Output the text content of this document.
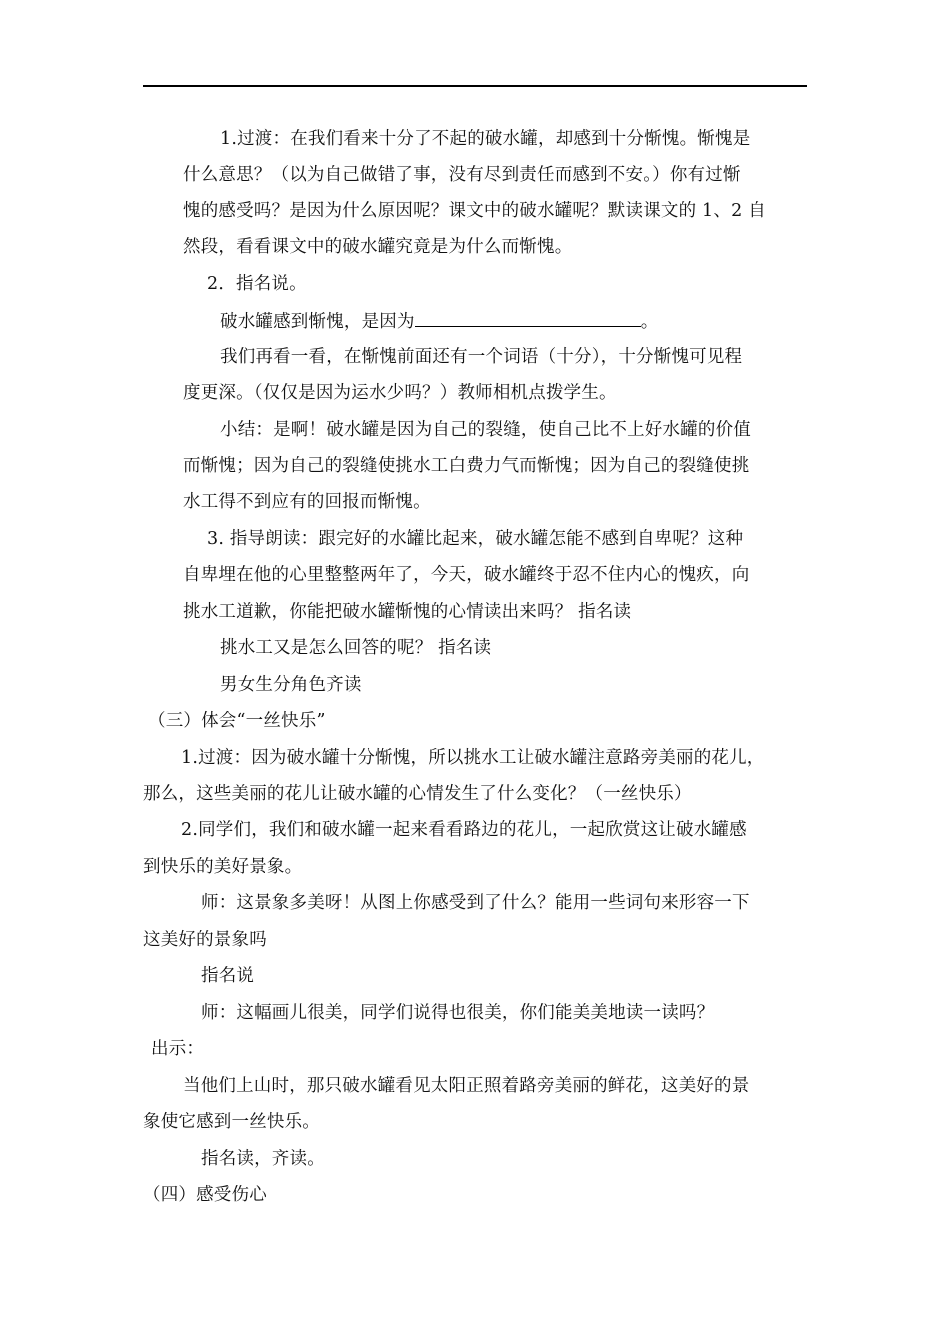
1.过渡：在我们看来十分了不起的破水罐，却感到十分惭愧。惭愧是
什么意思？（以为自己做错了事，没有尽到责任而感到不安。）你有过惭
愧的感受吗？是因为什么原因呢？课文中的破水罐呢？默读课文的 1、2 自
然段，看看课文中的破水罐究竟是为什么而惭愧。
2．指名说。
破水罐感到惭愧，是因为	。
我们再看一看，在惭愧前面还有一个词语（十分），十分惭愧可见程
度更深。（仅仅是因为运水少吗？）教师相机点拨学生。
小结：是啊！破水罐是因为自己的裂缝，使自己比不上好水罐的价值
而惭愧；因为自己的裂缝使挑水工白费力气而惭愧；因为自己的裂缝使挑
水工得不到应有的回报而惭愧。
3. 指导朗读：跟完好的水罐比起来，破水罐怎能不感到自卑呢？这种
自卑埋在他的心里整整两年了，今天，破水罐终于忍不住内心的愧疚，向
挑水工道歉，你能把破水罐惭愧的心情读出来吗？ 指名读
挑水工又是怎么回答的呢？ 指名读
男女生分角色齐读
（三）体会“一丝快乐”
1.过渡：因为破水罐十分惭愧，所以挑水工让破水罐注意路旁美丽的花儿，
那么，这些美丽的花儿让破水罐的心情发生了什么变化？（一丝快乐）
2.同学们，我们和破水罐一起来看看路边的花儿，一起欣赏这让破水罐感
到快乐的美好景象。
师：这景象多美呀！从图上你感受到了什么？能用一些词句来形容一下
这美好的景象吗
指名说
师：这幅画儿很美，同学们说得也很美，你们能美美地读一读吗？
出示：
当他们上山时，那只破水罐看见太阳正照着路旁美丽的鲜花，这美好的景
象使它感到一丝快乐。
指名读，齐读。
（四）感受伤心
